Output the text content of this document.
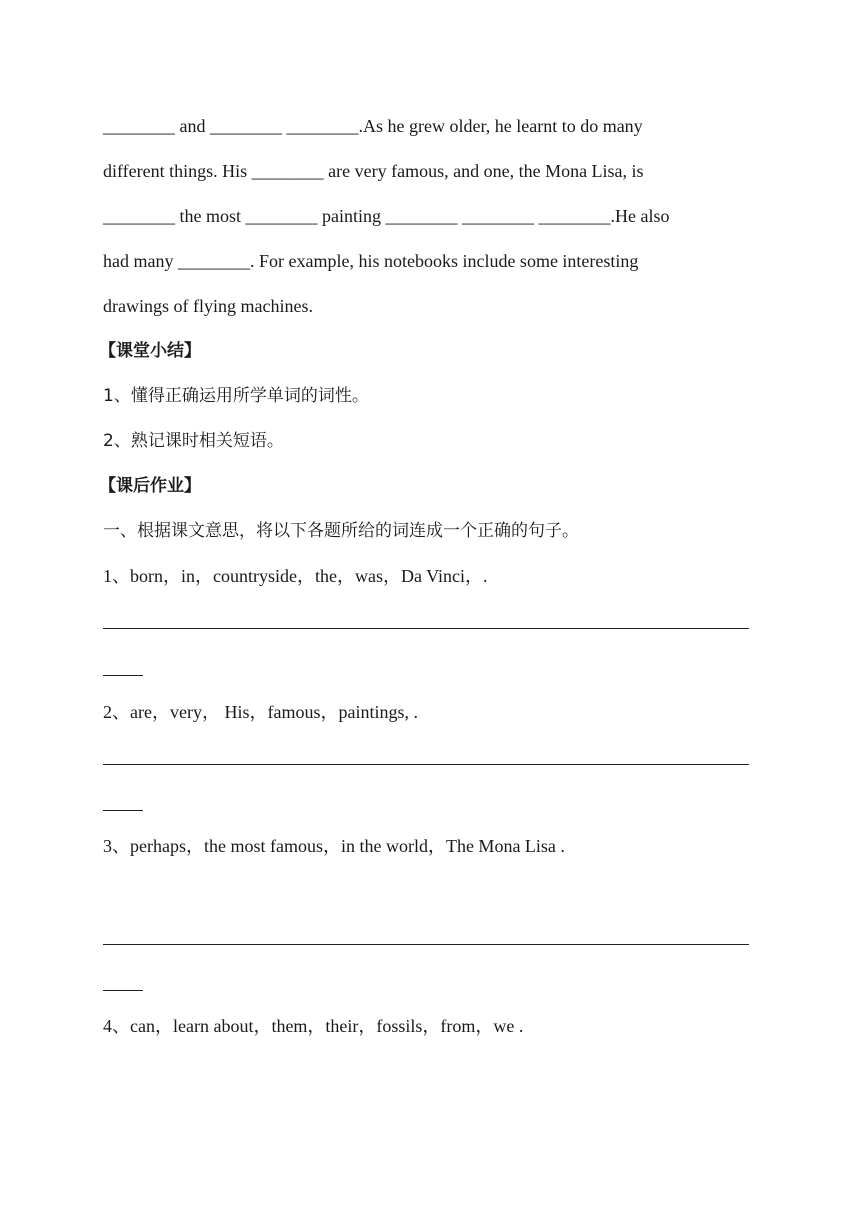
________ and ________ ________.As he grew older, he learnt to do many
different things. His ________ are very famous, and one, the Mona Lisa, is
________ the most ________ painting ________ ________ ________.He also
had many ________. For example, his notebooks include some interesting
drawings of flying machines.
【课堂小结】
1、懂得正确运用所学单词的词性。
2、熟记课时相关短语。
【课后作业】
一、根据课文意思，将以下各题所给的词连成一个正确的句子。
1、born，in，countryside，the，was，Da Vinci，.
2、are，very， His，famous，paintings, .
3、perhaps，the most famous，in the world，The Mona Lisa .
4、can，learn about，them，their，fossils，from，we .
